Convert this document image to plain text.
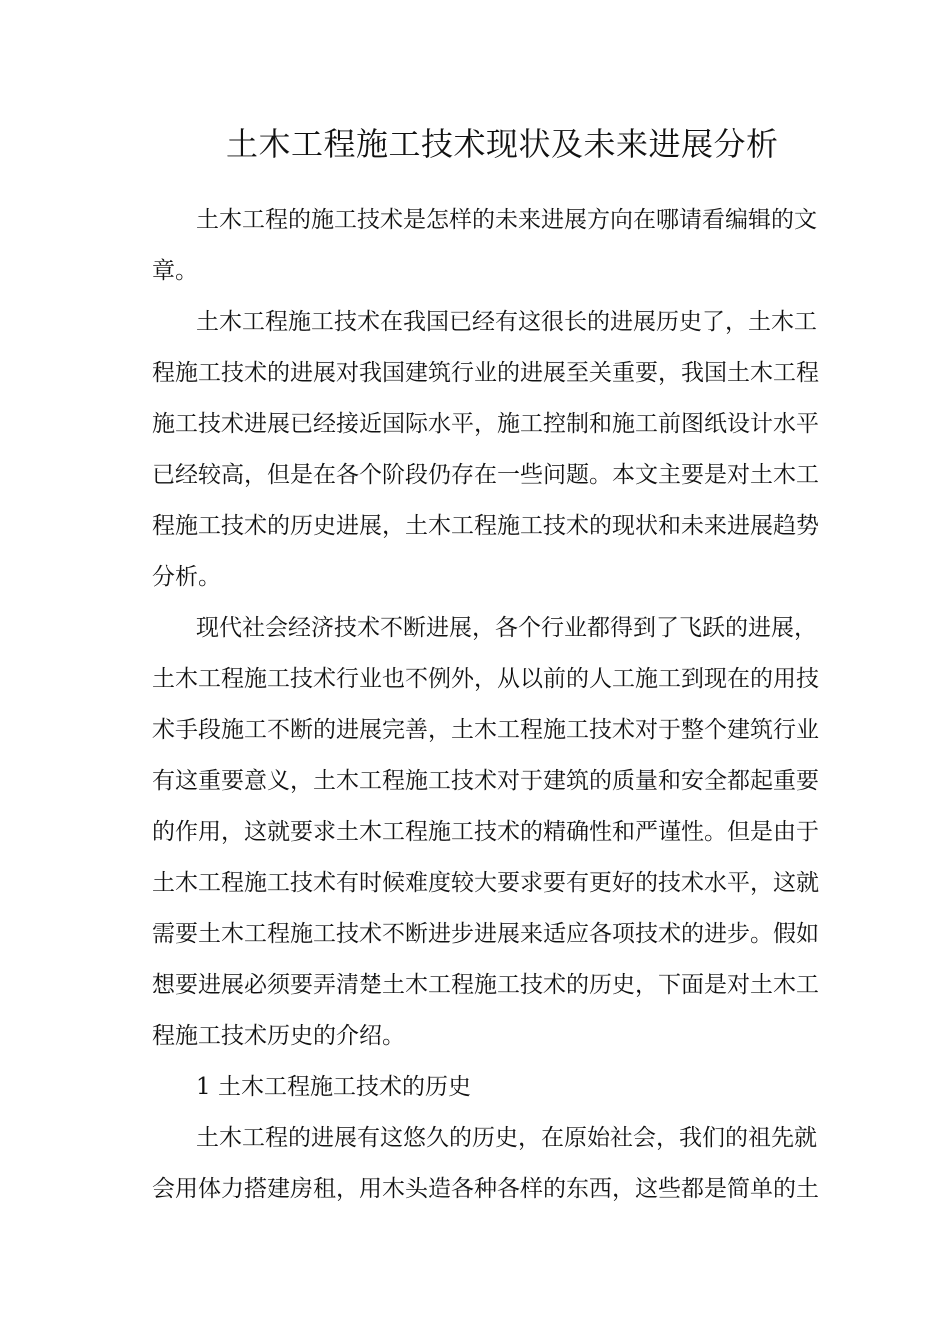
土木工程施工技术现状及未来进展分析
土木工程的施工技术是怎样的未来进展方向在哪请看编辑的文
章。
土木工程施工技术在我国已经有这很长的进展历史了，土木工
程施工技术的进展对我国建筑行业的进展至关重要，我国土木工程
施工技术进展已经接近国际水平，施工控制和施工前图纸设计水平
已经较高，但是在各个阶段仍存在一些问题。本文主要是对土木工
程施工技术的历史进展，土木工程施工技术的现状和未来进展趋势
分析。
现代社会经济技术不断进展，各个行业都得到了飞跃的进展，
土木工程施工技术行业也不例外，从以前的人工施工到现在的用技
术手段施工不断的进展完善，土木工程施工技术对于整个建筑行业
有这重要意义，土木工程施工技术对于建筑的质量和安全都起重要
的作用，这就要求土木工程施工技术的精确性和严谨性。但是由于
土木工程施工技术有时候难度较大要求要有更好的技术水平，这就
需要土木工程施工技术不断进步进展来适应各项技术的进步。假如
想要进展必须要弄清楚土木工程施工技术的历史，下面是对土木工
程施工技术历史的介绍。
1 土木工程施工技术的历史
土木工程的进展有这悠久的历史，在原始社会，我们的祖先就
会用体力搭建房租，用木头造各种各样的东西，这些都是简单的土
